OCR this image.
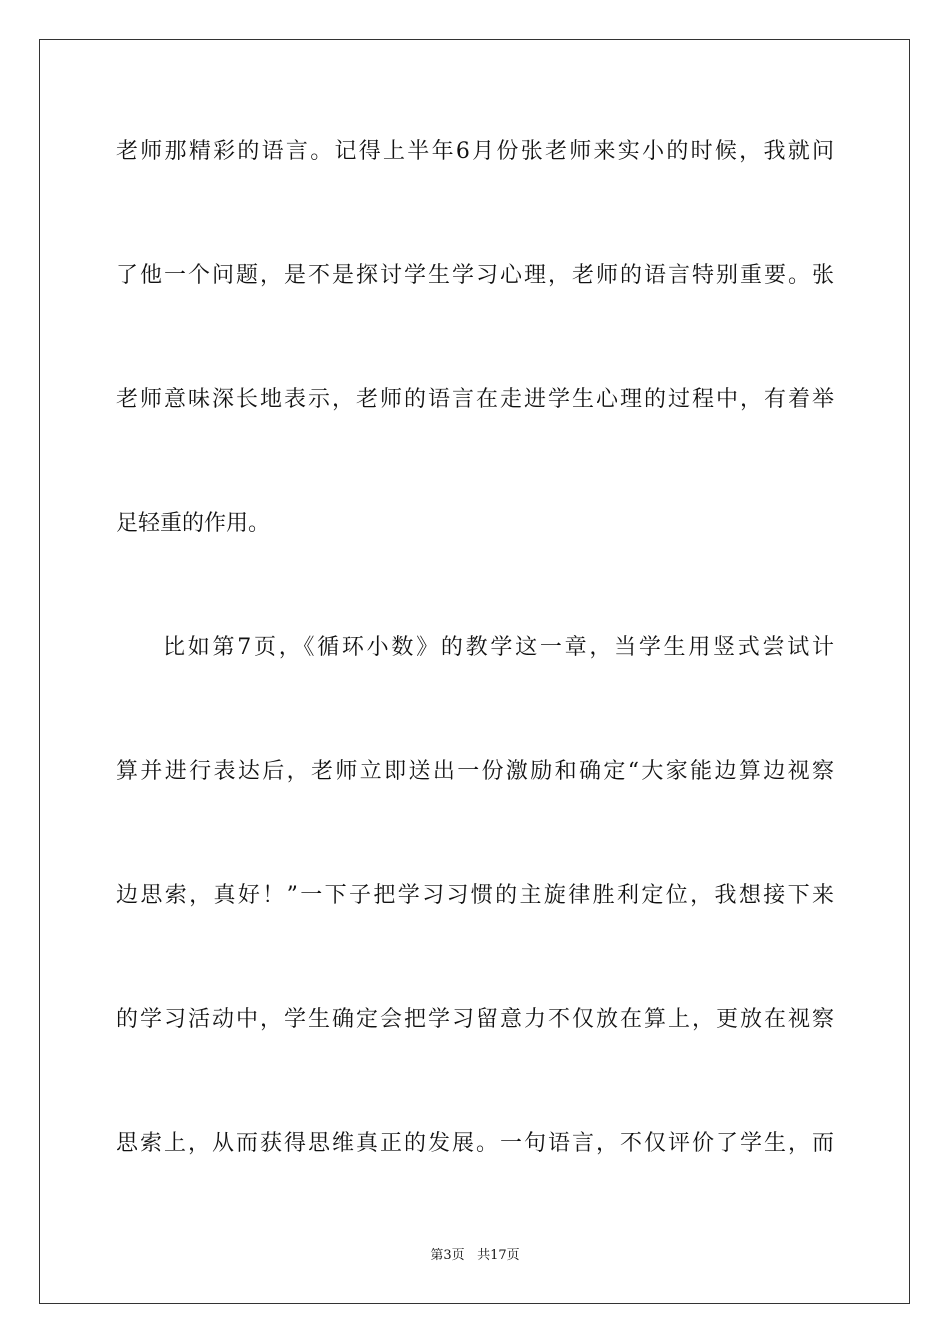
老师那精彩的语言。记得上半年6月份张老师来实小的时候，我就问
了他一个问题，是不是探讨学生学习心理，老师的语言特别重要。张
老师意味深长地表示，老师的语言在走进学生心理的过程中，有着举
足轻重的作用。
比如第7页，《循环小数》的教学这一章，当学生用竖式尝试计
算并进行表达后，老师立即送出一份激励和确定“大家能边算边视察
边思索，真好！”一下子把学习习惯的主旋律胜利定位，我想接下来
的学习活动中，学生确定会把学习留意力不仅放在算上，更放在视察
思索上，从而获得思维真正的发展。一句语言，不仅评价了学生，而
第3页 共17页
